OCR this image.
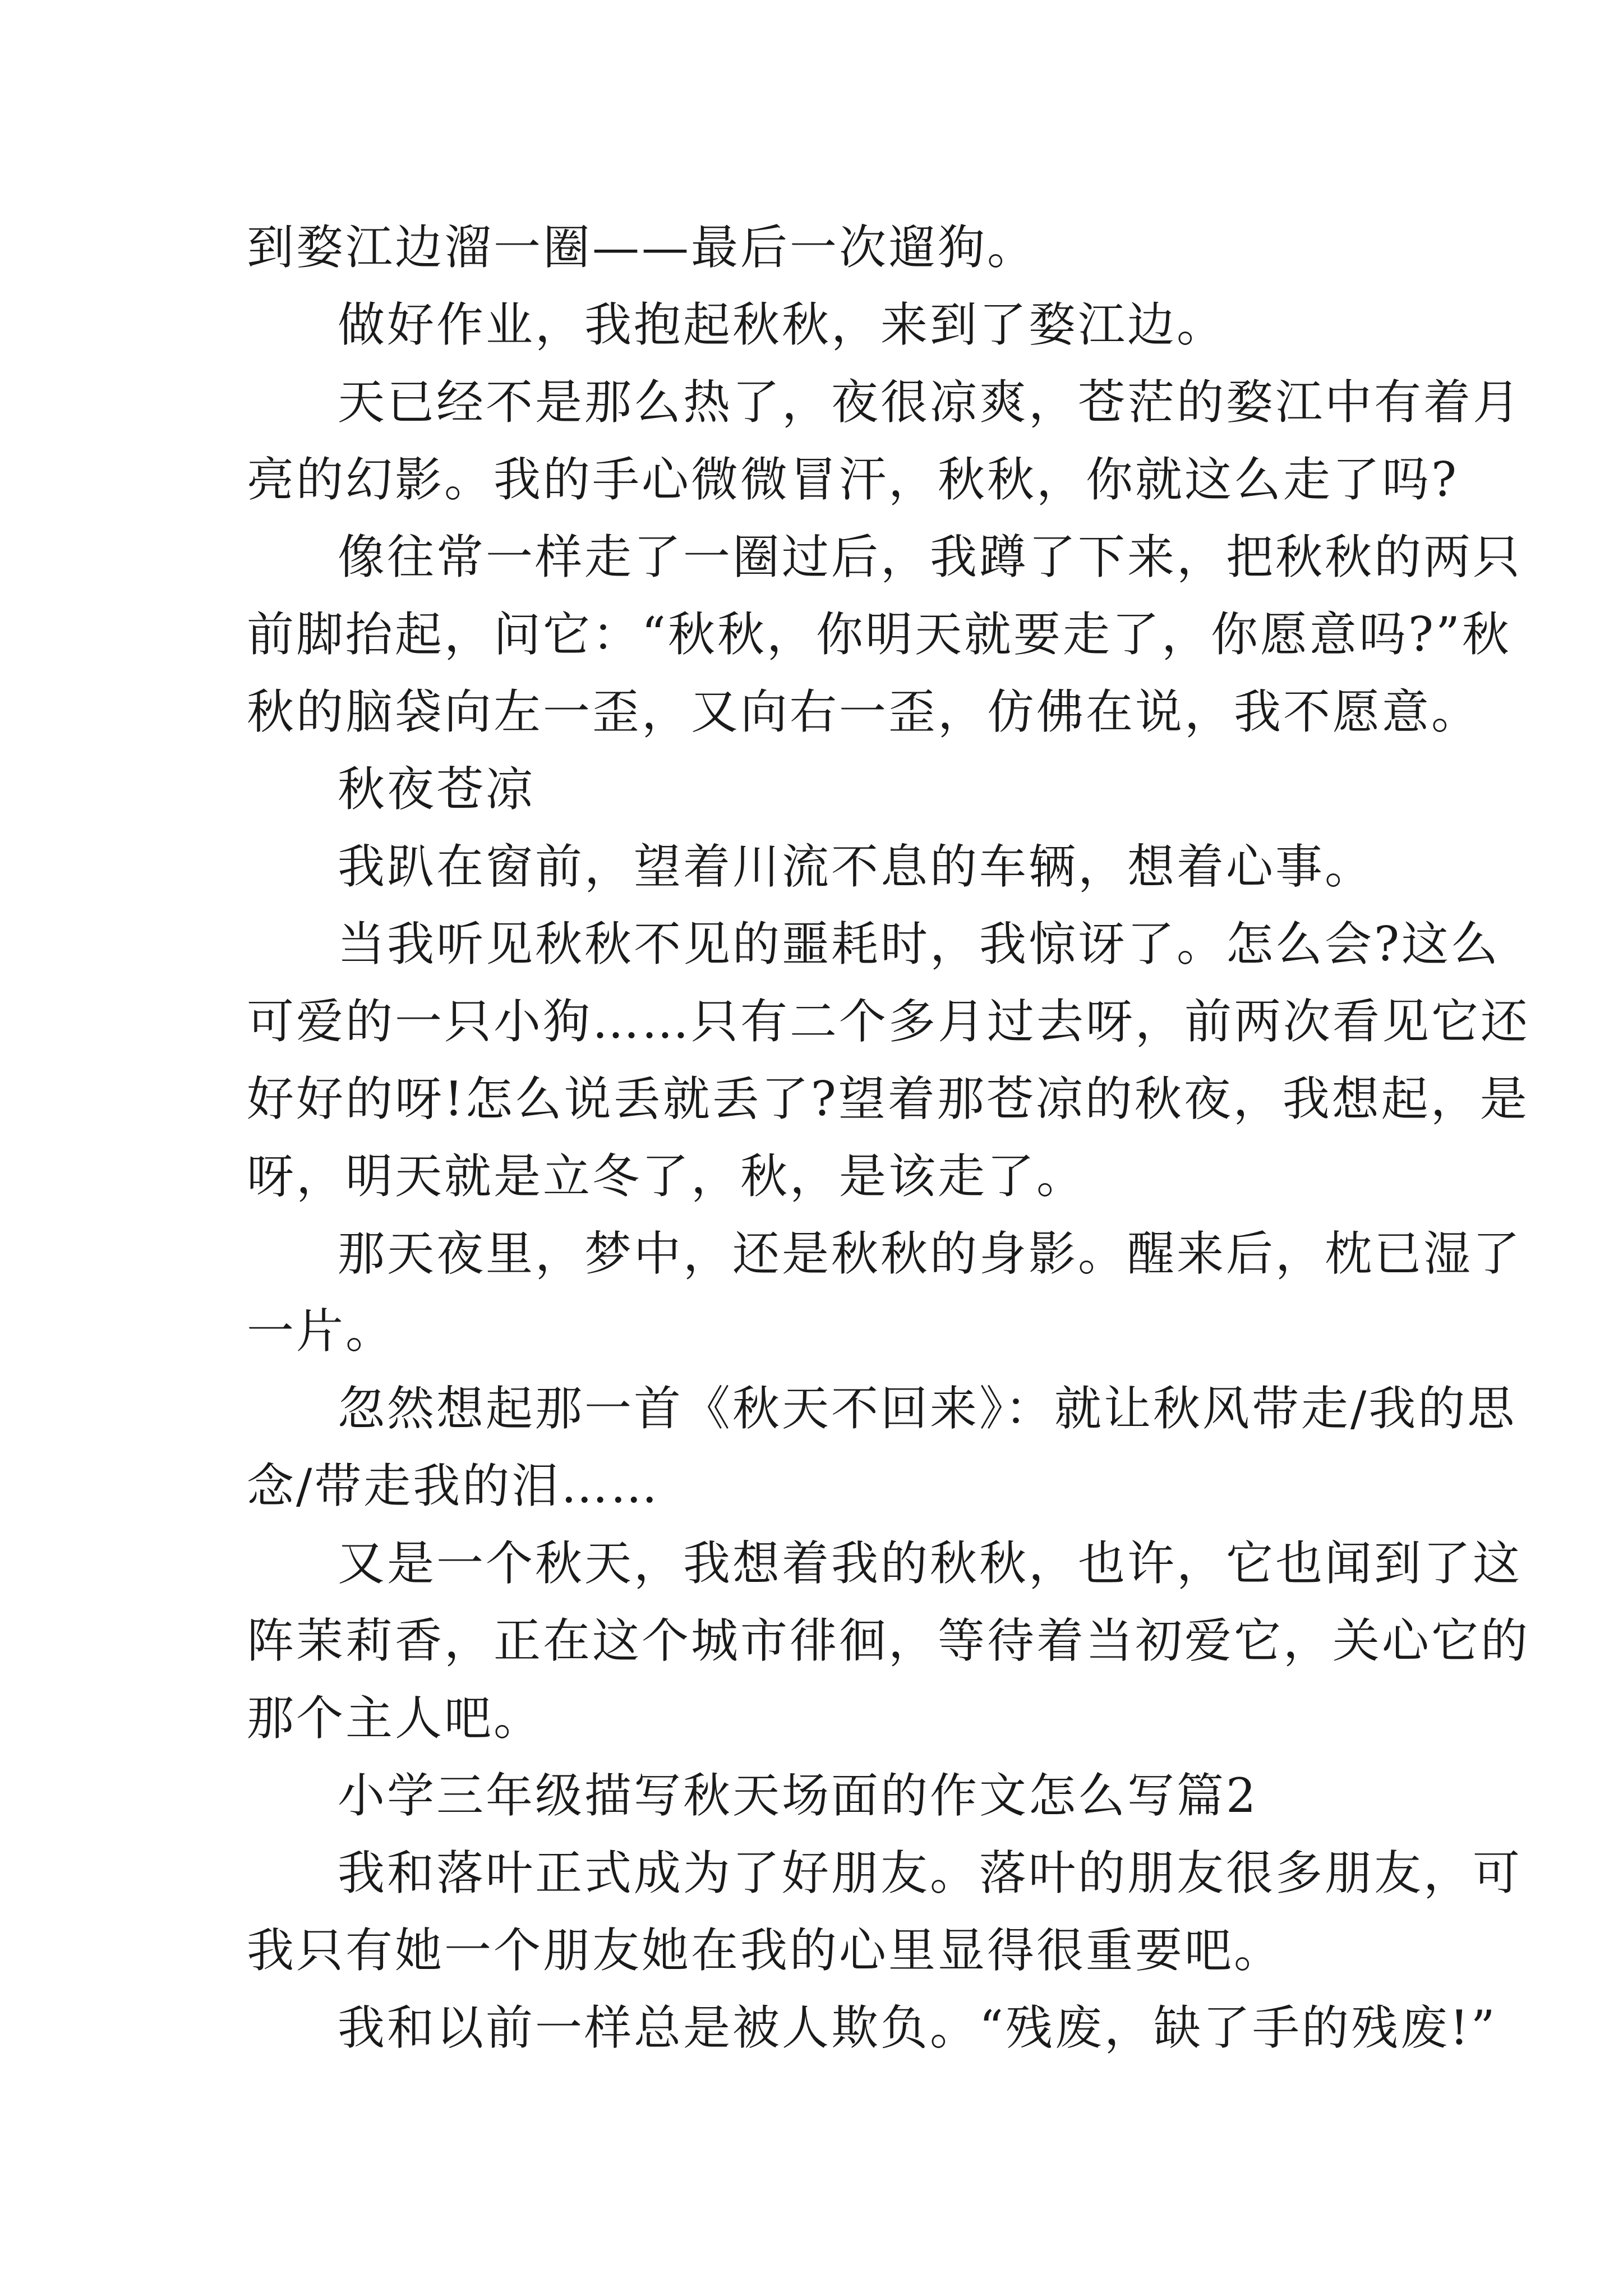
到婺江边溜一圈——最后一次遛狗。
做好作业，我抱起秋秋，来到了婺江边。
天已经不是那么热了，夜很凉爽，苍茫的婺江中有着月
亮的幻影。我的手心微微冒汗，秋秋，你就这么走了吗?
像往常一样走了一圈过后，我蹲了下来，把秋秋的两只
前脚抬起，问它：“秋秋，你明天就要走了，你愿意吗?”秋
秋的脑袋向左一歪，又向右一歪，仿佛在说，我不愿意。
秋夜苍凉
我趴在窗前，望着川流不息的车辆，想着心事。
当我听见秋秋不见的噩耗时，我惊讶了。怎么会?这么
可爱的一只小狗……只有二个多月过去呀，前两次看见它还
好好的呀!怎么说丢就丢了?望着那苍凉的秋夜，我想起，是
呀，明天就是立冬了，秋，是该走了。
那天夜里，梦中，还是秋秋的身影。醒来后，枕已湿了
一片。
忽然想起那一首《秋天不回来》：就让秋风带走/我的思
念/带走我的泪……
又是一个秋天，我想着我的秋秋，也许，它也闻到了这
阵茉莉香，正在这个城市徘徊，等待着当初爱它，关心它的
那个主人吧。
小学三年级描写秋天场面的作文怎么写篇2
我和落叶正式成为了好朋友。落叶的朋友很多朋友，可
我只有她一个朋友她在我的心里显得很重要吧。
我和以前一样总是被人欺负。“残废，缺了手的残废!”
